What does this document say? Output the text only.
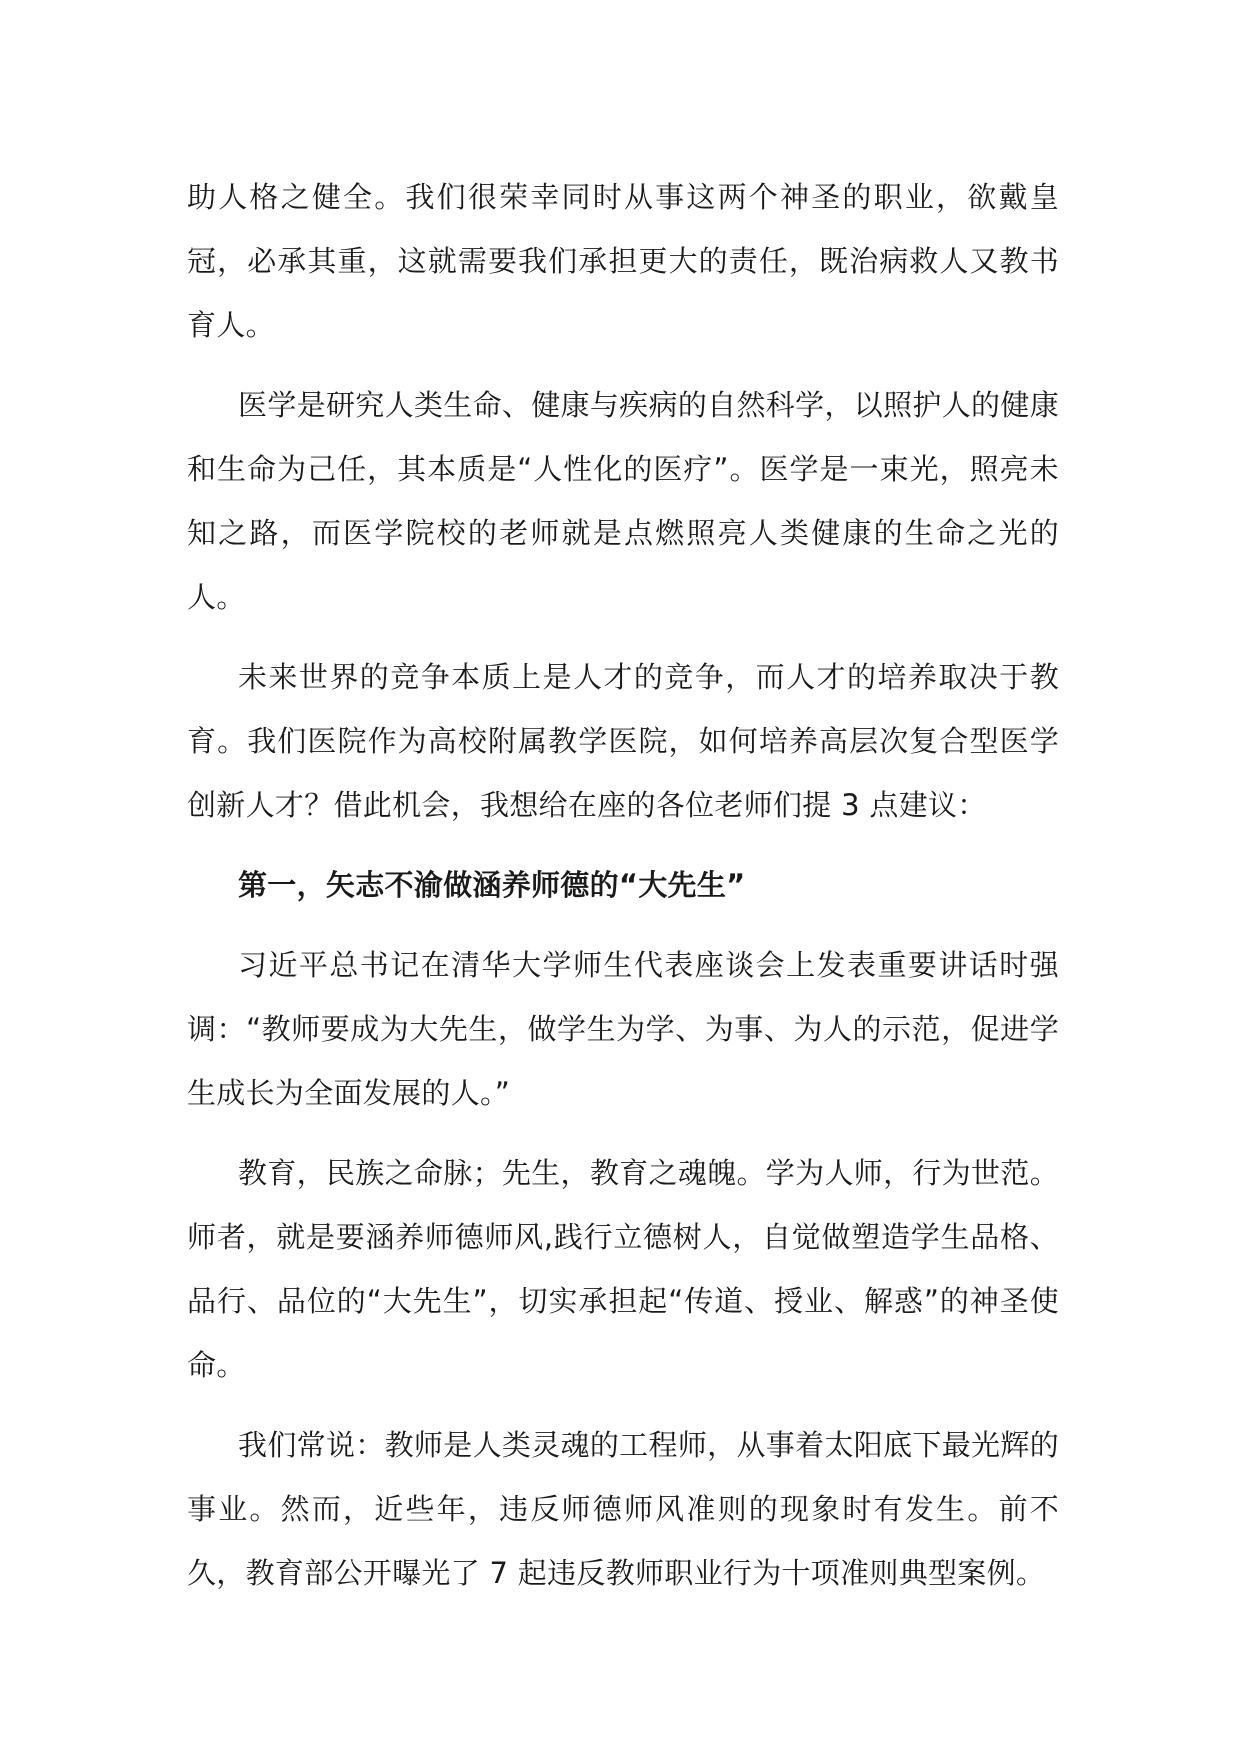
助人格之健全。我们很荣幸同时从事这两个神圣的职业，欲戴皇冠，必承其重，这就需要我们承担更大的责任，既治病救人又教书育人。

医学是研究人类生命、健康与疾病的自然科学，以照护人的健康和生命为己任，其本质是“人性化的医疗”。医学是一束光，照亮未知之路，而医学院校的老师就是点燃照亮人类健康的生命之光的人。

未来世界的竞争本质上是人才的竞争，而人才的培养取决于教育。我们医院作为高校附属教学医院，如何培养高层次复合型医学创新人才？借此机会，我想给在座的各位老师们提 3 点建议：

第一，矢志不渝做涵养师德的“大先生”

习近平总书记在清华大学师生代表座谈会上发表重要讲话时强调：“教师要成为大先生，做学生为学、为事、为人的示范，促进学生成长为全面发展的人。”

教育，民族之命脉；先生，教育之魂魄。学为人师，行为世范。师者，就是要涵养师德师风,践行立德树人，自觉做塑造学生品格、品行、品位的“大先生”，切实承担起“传道、授业、解惑”的神圣使命。

我们常说：教师是人类灵魂的工程师，从事着太阳底下最光辉的事业。然而，近些年，违反师德师风准则的现象时有发生。前不久，教育部公开曝光了 7 起违反教师职业行为十项准则典型案例。
